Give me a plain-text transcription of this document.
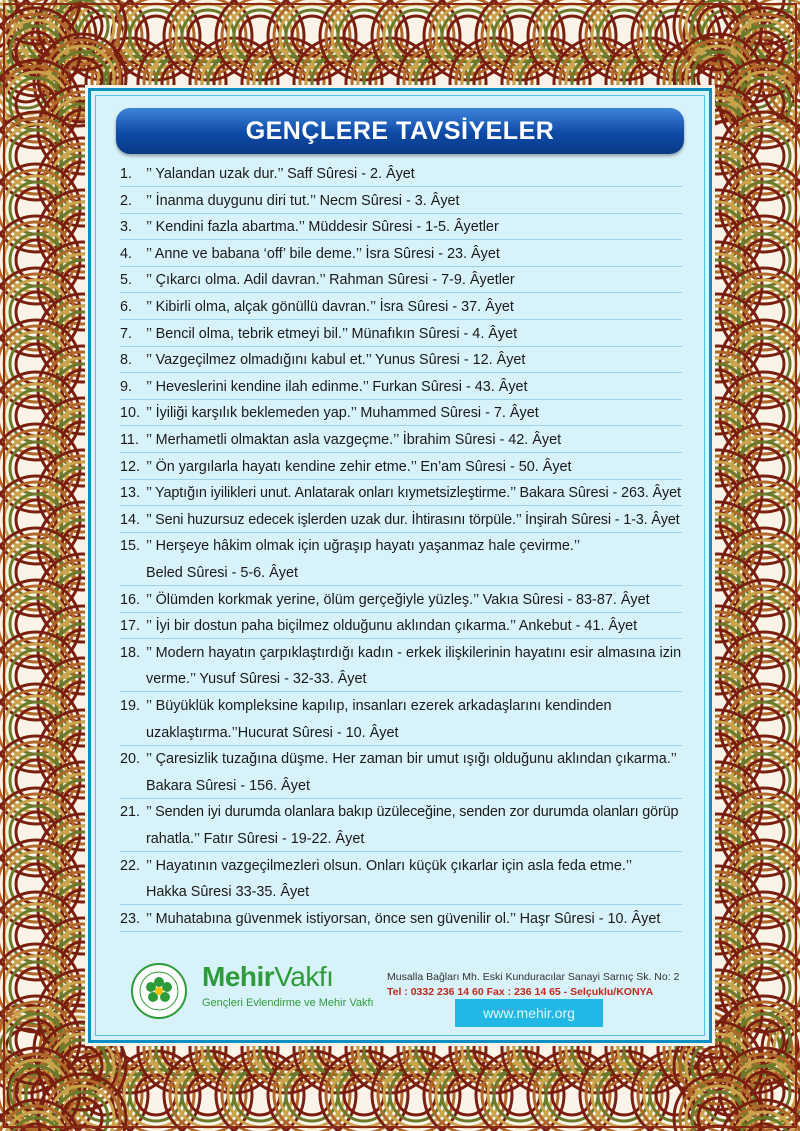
GENÇLERE TAVSİYELER
1. ’’ Yalandan uzak dur.’’ Saff Sûresi - 2. Âyet
2. ’’ İnanma duygunu diri tut.’’ Necm Sûresi - 3. Âyet
3. ’’ Kendini fazla abartma.’’ Müddesir Sûresi - 1-5. Âyetler
4. ’’ Anne ve babana ‘off’ bile deme.’’ İsra Sûresi - 23. Âyet
5. ’’ Çıkarcı olma. Adil davran.’’ Rahman Sûresi - 7-9. Âyetler
6. ’’ Kibirli olma, alçak gönüllü davran.’’ İsra Sûresi - 37. Âyet
7. ’’ Bencil olma, tebrik etmeyi bil.’’ Münafıkın Sûresi - 4. Âyet
8. ’’ Vazgeçilmez olmadığını kabul et.’’ Yunus Sûresi - 12. Âyet
9. ’’ Heveslerini kendine ilah edinme.’’ Furkan Sûresi - 43. Âyet
10. ’’ İyiliği karşılık beklemeden yap.’’ Muhammed Sûresi - 7. Âyet
11. ’’ Merhametli olmaktan asla vazgeçme.’’ İbrahim Sûresi - 42. Âyet
12. ’’ Ön yargılarla hayatı kendine zehir etme.’’ En’am Sûresi - 50. Âyet
13. ’’ Yaptığın iyilikleri unut. Anlatarak onları kıymetsizleştirme.’’ Bakara Sûresi - 263. Âyet
14. ’’ Seni huzursuz edecek işlerden uzak dur. İhtirasını törpüle.’’ İnşirah Sûresi - 1-3. Âyet
15. ’’ Herşeye hâkim olmak için uğraşıp hayatı yaşanmaz hale çevirme.’’
Beled Sûresi - 5-6. Âyet
16. ’’ Ölümden korkmak yerine, ölüm gerçeğiyle yüzleş.’’ Vakıa Sûresi - 83-87. Âyet
17. ’’ İyi bir dostun paha biçilmez olduğunu aklından çıkarma.’’ Ankebut - 41. Âyet
18. ’’ Modern hayatın çarpıklaştırdığı kadın - erkek ilişkilerinin hayatını esir almasına izin
verme.’’ Yusuf Sûresi - 32-33. Âyet
19. ’’ Büyüklük kompleksine kapılıp, insanları ezerek arkadaşlarını kendinden
uzaklaştırma.’’Hucurat Sûresi - 10. Âyet
20. ’’ Çaresizlik tuzağına düşme. Her zaman bir umut ışığı olduğunu aklından çıkarma.’’
Bakara Sûresi - 156. Âyet
21. ’’ Senden iyi durumda olanlara bakıp üzüleceğine, senden zor durumda olanları görüp
rahatla.’’ Fatır Sûresi - 19-22. Âyet
22. ’’ Hayatının vazgeçilmezleri olsun. Onları küçük çıkarlar için asla feda etme.’’
Hakka Sûresi 33-35. Âyet
23. ’’ Muhatabına güvenmek istiyorsan, önce sen güvenilir ol.’’ Haşr Sûresi - 10. Âyet
MehirVakfı
Gençleri Evlendirme ve Mehir Vakfı
Musalla Bağları Mh. Eski Kunduracılar Sanayi Sarnıç Sk. No: 2
Tel : 0332 236 14 60 Fax : 236 14 65 - Selçuklu/KONYA
www.mehir.org
